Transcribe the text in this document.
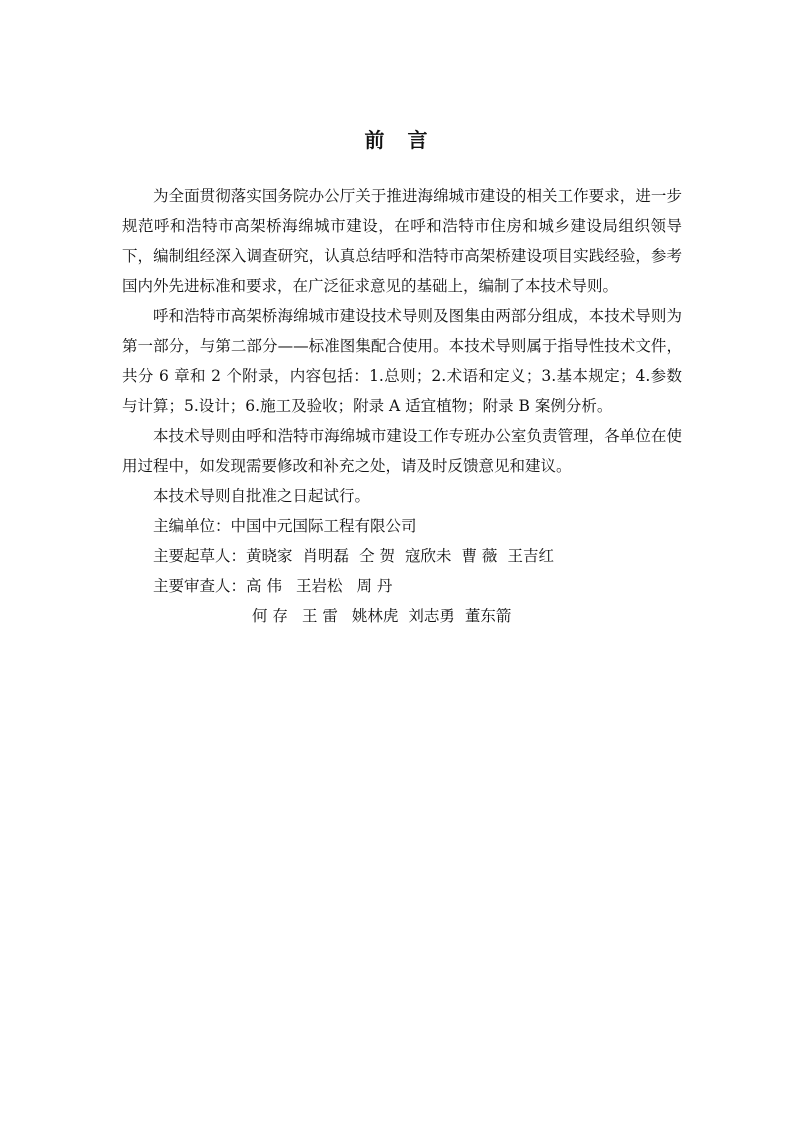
前 言

为全面贯彻落实国务院办公厅关于推进海绵城市建设的相关工作要求，进一步规范呼和浩特市高架桥海绵城市建设，在呼和浩特市住房和城乡建设局组织领导下，编制组经深入调查研究，认真总结呼和浩特市高架桥建设项目实践经验，参考国内外先进标准和要求，在广泛征求意见的基础上，编制了本技术导则。

呼和浩特市高架桥海绵城市建设技术导则及图集由两部分组成，本技术导则为第一部分，与第二部分——标准图集配合使用。本技术导则属于指导性技术文件，共分 6 章和 2 个附录，内容包括：1.总则；2.术语和定义；3.基本规定；4.参数与计算；5.设计；6.施工及验收；附录 A 适宜植物；附录 B 案例分析。

本技术导则由呼和浩特市海绵城市建设工作专班办公室负责管理，各单位在使用过程中，如发现需要修改和补充之处，请及时反馈意见和建议。

本技术导则自批准之日起试行。

主编单位：中国中元国际工程有限公司

主要起草人：黄晓家 肖明磊 仝 贺 寇欣未 曹 薇 王吉红

主要审查人：高 伟 王岩松 周 丹

何 存 王 雷 姚林虎 刘志勇 董东箭
